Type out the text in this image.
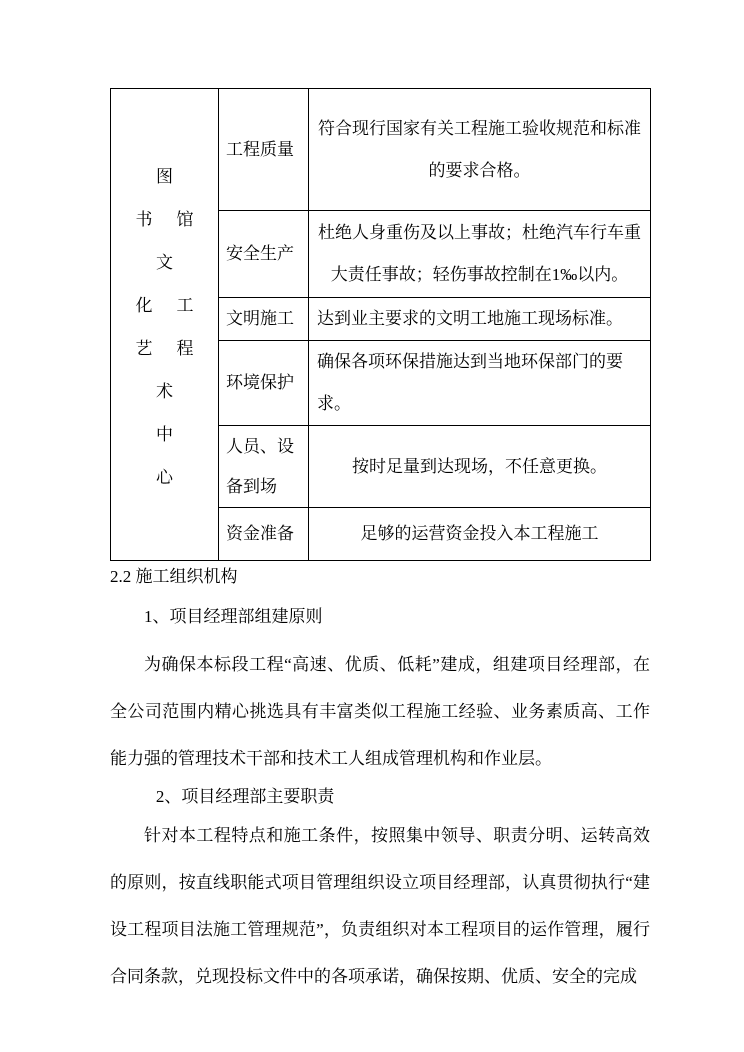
图
书 馆
文
化 工
艺 程
术
中
心
	工程质量	符合现行国家有关工程施工验收规范和标准的要求合格。
	安全生产	杜绝人身重伤及以上事故；杜绝汽车行车重大责任事故；轻伤事故控制在1‰以内。
	文明施工	达到业主要求的文明工地施工现场标准。
	环境保护	确保各项环保措施达到当地环保部门的要求。
	人员、设备到场	按时足量到达现场，不任意更换。
	资金准备	足够的运营资金投入本工程施工
2.2 施工组织机构
1、项目经理部组建原则
为确保本标段工程“高速、优质、低耗”建成，组建项目经理部，在全公司范围内精心挑选具有丰富类似工程施工经验、业务素质高、工作能力强的管理技术干部和技术工人组成管理机构和作业层。
2、项目经理部主要职责
针对本工程特点和施工条件，按照集中领导、职责分明、运转高效的原则，按直线职能式项目管理组织设立项目经理部，认真贯彻执行“建设工程项目法施工管理规范”，负责组织对本工程项目的运作管理，履行合同条款，兑现投标文件中的各项承诺，确保按期、优质、安全的完成
